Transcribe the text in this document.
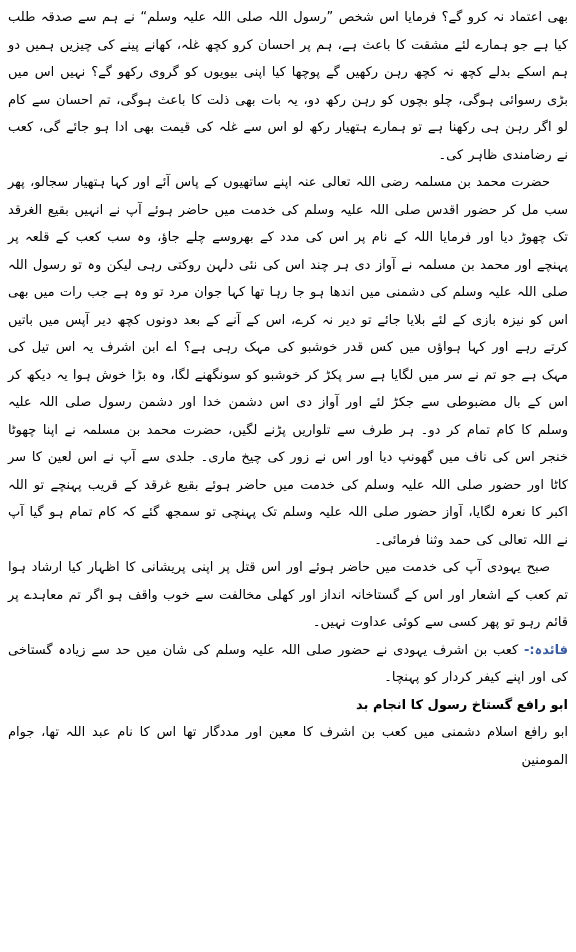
بھی اعتماد نہ کرو گے؟ فرمایا اس شخص ”رسول اللہ صلی اللہ علیہ وسلم“ نے ہم سے صدقہ طلب کیا ہے جو ہمارے لئے مشقت کا باعث ہے، ہم پر احسان کرو کچھ غلہ، کھانے پینے کی چیزیں ہمیں دو ہم اسکے بدلے کچھ نہ کچھ رہن رکھیں گے پوچھا کیا اپنی بیویوں کو گروی رکھو گے؟ نہیں اس میں بڑی رسوائی ہوگی، چلو بچوں کو رہن رکھ دو، یہ بات بھی ذلت کا باعث ہوگی، تم احسان سے کام لو اگر رہن ہی رکھنا ہے تو ہمارے ہتھیار رکھ لو اس سے غلہ کی قیمت بھی ادا ہو جائے گی، کعب نے رضامندی ظاہر کی۔

حضرت محمد بن مسلمہ رضی اللہ تعالی عنہ اپنے ساتھیوں کے پاس آئے اور کہا ہتھیار سجالو، پھر سب مل کر حضور اقدس صلی اللہ علیہ وسلم کی خدمت میں حاضر ہوئے آپ نے انہیں بقیع الغرقد تک چھوڑ دیا اور فرمایا اللہ کے نام پر اس کی مدد کے بھروسے چلے جاؤ، وہ سب کعب کے قلعہ پر پہنچے اور محمد بن مسلمہ نے آواز دی ہر چند اس کی نئی دلہن روکتی رہی لیکن وہ تو رسول اللہ صلی اللہ علیہ وسلم کی دشمنی میں اندھا ہو جا رہا تھا کہا جوان مرد تو وہ ہے جب رات میں بھی اس کو نیزہ بازی کے لئے بلایا جائے تو دیر نہ کرے، اس کے آنے کے بعد دونوں کچھ دیر آپس میں باتیں کرتے رہے اور کہا ہواؤں میں کس قدر خوشبو کی مہک رہی ہے؟ اے ابن اشرف یہ اس تیل کی مہک ہے جو تم نے سر میں لگایا ہے سر پکڑ کر خوشبو کو سونگھنے لگا، وہ بڑا خوش ہوا یہ دیکھ کر اس کے بال مضبوطی سے جکڑ لئے اور آواز دی اس دشمن خدا اور دشمن رسول صلی اللہ علیہ وسلم کا کام تمام کر دو۔ ہر طرف سے تلواریں پڑنے لگیں، حضرت محمد بن مسلمہ نے اپنا چھوٹا خنجر اس کی ناف میں گھونپ دیا اور اس نے زور کی چیخ ماری۔ جلدی سے آپ نے اس لعین کا سر کاٹا اور حضور صلی اللہ علیہ وسلم کی خدمت میں حاضر ہوئے بقیع غرقد کے قریب پہنچے تو اللہ اکبر کا نعرہ لگایا، آواز حضور صلی اللہ علیہ وسلم تک پہنچی تو سمجھ گئے کہ کام تمام ہو گیا آپ نے اللہ تعالی کی حمد وثنا فرمائی۔

صبح یہودی آپ کی خدمت میں حاضر ہوئے اور اس قتل پر اپنی پریشانی کا اظہار کیا ارشاد ہوا تم کعب کے اشعار اور اس کے گستاخانہ انداز اور کھلی مخالفت سے خوب واقف ہو اگر تم معاہدے پر قائم رہو تو پھر کسی سے کوئی عداوت نہیں۔

فائدہ:- کعب بن اشرف یہودی نے حضور صلی اللہ علیہ وسلم کی شان میں حد سے زیادہ گستاخی کی اور اپنے کیفر کردار کو پہنچا۔

ابو رافع گستاخ رسول کا انجام بد

ابو رافع اسلام دشمنی میں کعب بن اشرف کا معین اور مددگار تھا اس کا نام عبد اللہ تھا، جوام المومنین
